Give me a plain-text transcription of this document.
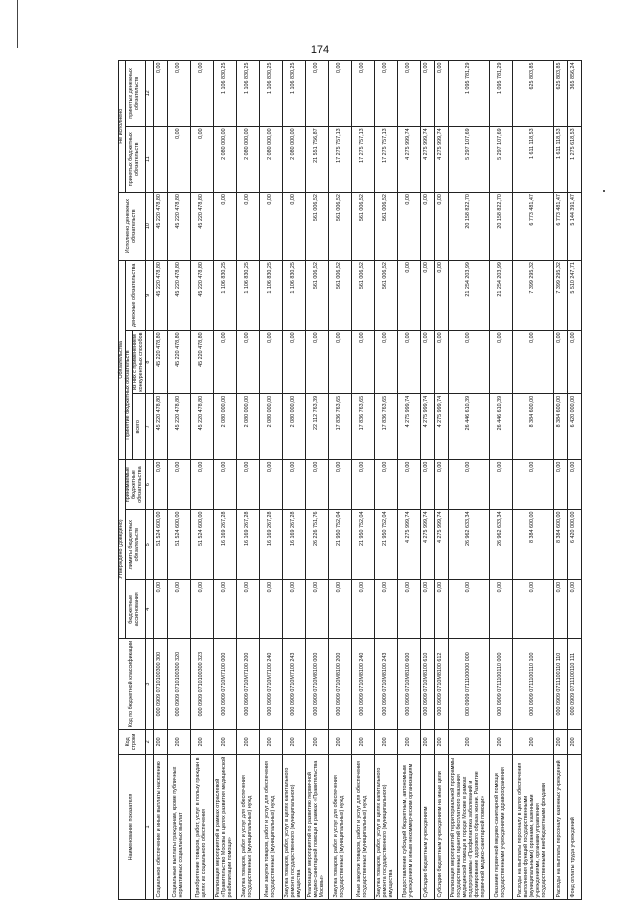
174
Наименование показателя	Код строки	Код по бюджетной классификации	Утверждено (доведено)			Обязательства			Исполнено денежных обязательств	Не исполнено	
			бюджетные ассигнования	лимиты бюджетных обязательств	принимаемые бюджетные обязательства	Принятие бюджетных обязательств		денежные обязательства		принятых бюджетных обязательств	принятых денежных обязательств
						всего	из них с применением конкурентных способов				
1	2	3	4	5	6	7	8	9	10	11	12
Социальное обеспечение и иные выплаты населению	200	000 0909 0710100300 300	0,00	51 524 600,00	0,00	45 220 478,80	45 220 478,80	45 220 478,80	45 220 478,80		0,00
Социальные выплаты гражданам, кроме публичных нормативных социальных выплат	200	000 0909 0710100300 320	0,00	51 524 600,00	0,00	45 220 478,80	45 220 478,80	45 220 478,80	45 220 478,80	0,00	0,00
Приобретение товаров, работ, услуг в пользу граждан в целях их социального обеспечения	200	000 0909 0710100300 323	0,00	51 524 600,00	0,00	45 220 478,80	45 220 478,80	45 220 478,80	45 220 478,80	0,00	0,00
Реализация мероприятий в рамках отраслевой «Правительство Москвы в целях развития медицинской реабилитации помощи»	200	000 0909 0710М7100 000	0,00	16 169 267,28	0,00	2 080 000,00	0,00	1 106 830,25	0,00	2 080 000,00	1 106 830,25
Закупка товаров, работ и услуг для обеспечения государственных (муниципальных) нужд	200	000 0909 0710М7100 200	0,00	16 169 267,28	0,00	2 080 000,00	0,00	1 106 830,25	0,00	2 080 000,00	1 106 830,25
Иные закупки товаров, работ и услуг для обеспечения государственных (муниципальных) нужд	200	000 0909 0710М7100 240	0,00	16 169 267,28	0,00	2 080 000,00	0,00	1 106 830,25	0,00	2 080 000,00	1 106 830,25
Закупка товаров, работ, услуг в целях капитального ремонта государственного (муниципального) имущества	200	000 0909 0710М7100 243	0,00	16 169 267,28	0,00	2 080 000,00	0,00	1 106 830,25	0,00	2 080 000,00	1 106 830,25
Реализация мероприятий по развитию первичной медико-санитарной помощи в рамках «Правительства Москвы»	200	000 0909 0710М8100 000	0,00	26 226 751,76	0,00	22 112 763,39	0,00	561 006,52	561 006,52	21 551 756,87	0,00
Закупка товаров, работ и услуг для обеспечения государственных (муниципальных) нужд	200	000 0909 0710М8100 200	0,00	21 950 752,04	0,00	17 836 763,65	0,00	561 006,52	561 006,52	17 275 757,13	0,00
Иные закупки товаров, работ и услуг для обеспечения государственных (муниципальных) нужд	200	000 0909 0710М8100 240	0,00	21 950 752,04	0,00	17 836 763,65	0,00	561 006,52	561 006,52	17 275 757,13	0,00
Закупка товаров, работ, услуг в целях капитального ремонта государственного (муниципального) имущества	200	000 0909 0710М8100 243	0,00	21 950 752,04	0,00	17 836 763,65	0,00	561 006,52	561 006,52	17 275 757,13	0,00
Предоставление субсидий бюджетным, автономным учреждениям и иным некоммерческим организациям	200	000 0909 0710М8100 600	0,00	4 275 999,74	0,00	4 275 999,74	0,00	0,00	0,00	4 275 999,74	0,00
Субсидии бюджетным учреждениям	200	000 0909 0710М8100 610	0,00	4 275 999,74	0,00	4 275 999,74	0,00	0,00	0,00	4 275 999,74	0,00
Субсидии бюджетным учреждениям на иные цели	200	000 0909 0710М8100 612	0,00	4 275 999,74	0,00	4 275 999,74	0,00	0,00	0,00	4 275 999,74	0,00
Реализация мероприятий территориальной программы государственных гарантий бесплатного оказания медицинской помощи в городе Москве в рамках подпрограммы «Профилактика заболеваний и формирование здорового образа жизни. Развитие первичной медико-санитарной помощи»	200	000 0909 0711100000 000	0,00	26 962 633,34	0,00	26 446 610,39	0,00	21 254 203,99	20 158 822,70	5 297 107,69	1 095 781,29
Оказание первичной медико-санитарной помощи государственными учреждениями здравоохранения	200	000 0909 0711100110 000	0,00	26 962 633,34	0,00	26 446 610,39	0,00	21 254 203,99	20 158 822,70	5 297 107,69	1 095 781,29
Расходы на выплаты персоналу в целях обеспечения выполнения функций государственными (муниципальными) органами, казенными учреждениями, органами управления государственными внебюджетными фондами	200	000 0909 0711100110 100	0,00	8 384 600,00	0,00	8 384 600,00	0,00	7 399 295,32	6 773 481,47	1 611 118,53	625 803,85
Расходы на выплаты персоналу казенных учреждений	200	000 0909 0711100110 110	0,00	8 384 600,00	0,00	8 384 600,00	0,00	7 399 295,32	6 773 481,47	1 611 118,53	625 803,85
Фонд оплаты труда учреждений	200	000 0909 0711100110 111	0,00	6 420 000,00	0,00	6 420 000,00	0,00	5 510 247,71	5 144 391,47	1 275 618,53	365 856,24
